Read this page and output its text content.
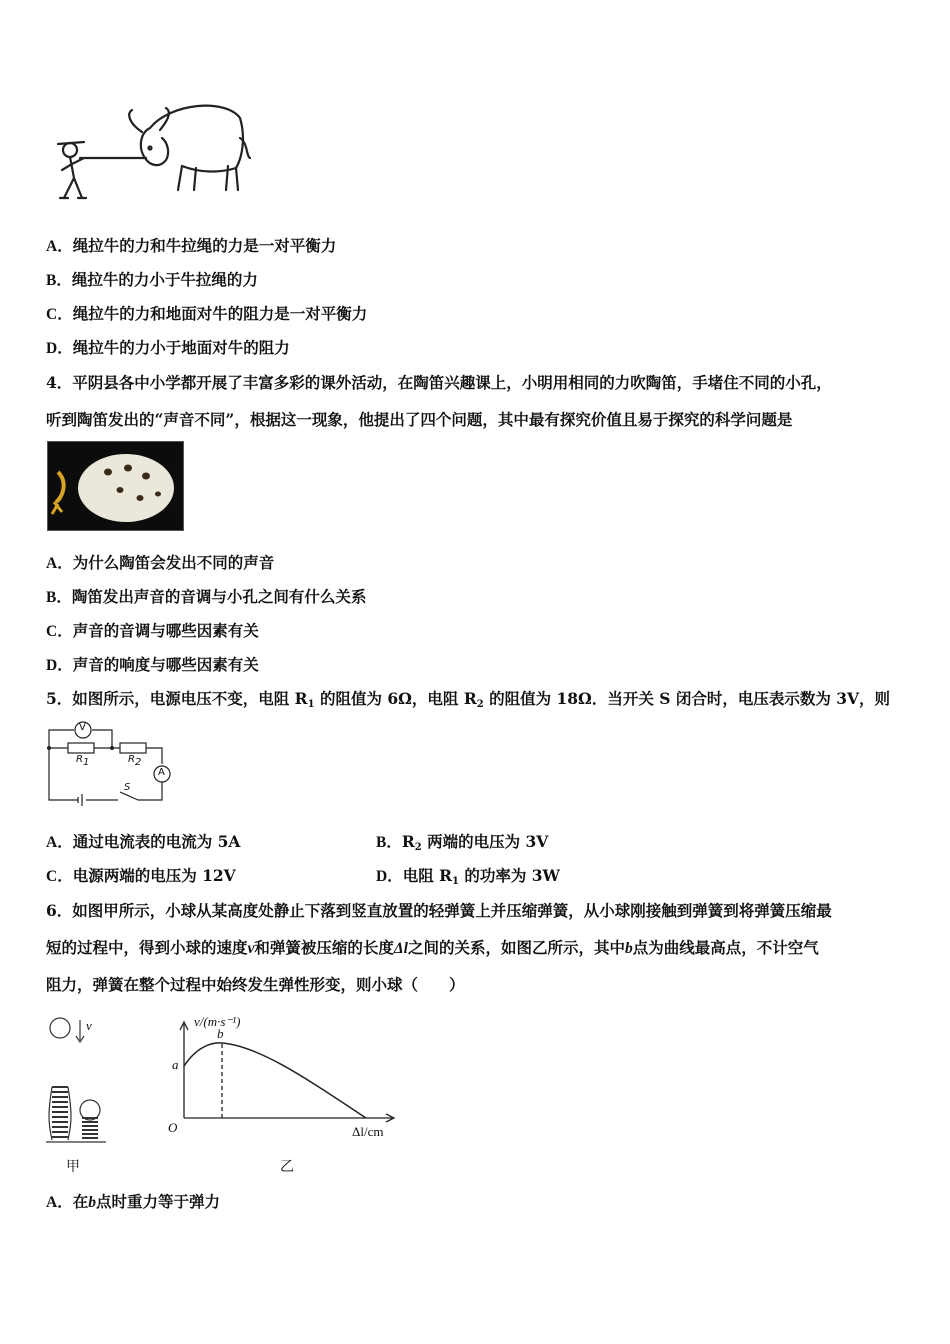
A．绳拉牛的力和牛拉绳的力是一对平衡力
B．绳拉牛的力小于牛拉绳的力
C．绳拉牛的力和地面对牛的阻力是一对平衡力
D．绳拉牛的力小于地面对牛的阻力
4．平阴县各中小学都开展了丰富多彩的课外活动，在陶笛兴趣课上，小明用相同的力吹陶笛，手堵住不同的小孔，
听到陶笛发出的“声音不同”，根据这一现象，他提出了四个问题，其中最有探究价值且易于探究的科学问题是
A．为什么陶笛会发出不同的声音
B．陶笛发出声音的音调与小孔之间有什么关系
C．声音的音调与哪些因素有关
D．声音的响度与哪些因素有关
5．如图所示，电源电压不变，电阻 $R_1$ 的阻值为 6Ω，电阻 $R_2$ 的阻值为 18Ω．当开关 S 闭合时，电压表示数为 3V，则
V
A
$R_1$	$R_2$
S
A．通过电流表的电流为 5A	B．$R_2$ 两端的电压为 3V
C．电源两端的电压为 12V	D．电阻 $R_1$ 的功率为 3W
6．如图甲所示，小球从某高度处静止下落到竖直放置的轻弹簧上并压缩弹簧，从小球刚接触到弹簧到将弹簧压缩最
短的过程中，得到小球的速度v和弹簧被压缩的长度Δl之间的关系，如图乙所示，其中b点为曲线最高点，不计空气
阻力，弹簧在整个过程中始终发生弹性形变，则小球（　　）
v
甲
v/(m·s⁻¹)
Δl/cm
O
a
b
乙
A．在b点时重力等于弹力
